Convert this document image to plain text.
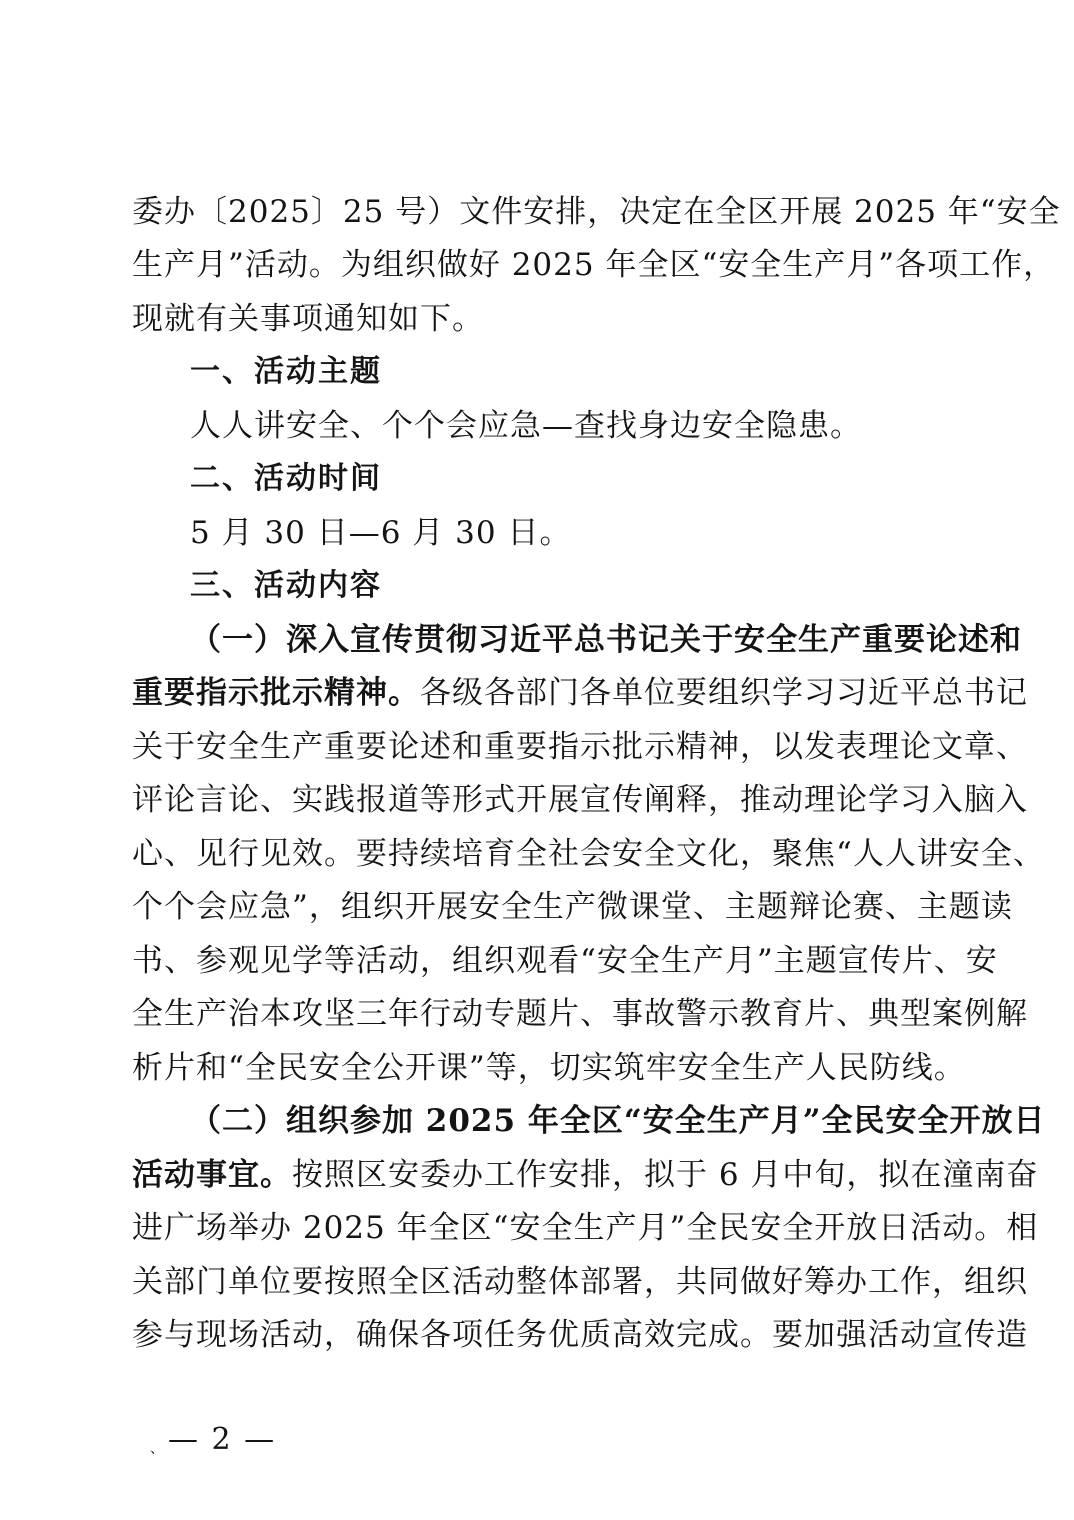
委办〔2025〕25 号）文件安排，决定在全区开展 2025 年“安全
生产月”活动。为组织做好 2025 年全区“安全生产月”各项工作，
现就有关事项通知如下。
一、活动主题
人人讲安全、个个会应急—查找身边安全隐患。
二、活动时间
5 月 30 日—6 月 30 日。
三、活动内容
（一）深入宣传贯彻习近平总书记关于安全生产重要论述和
重要指示批示精神。各级各部门各单位要组织学习习近平总书记
关于安全生产重要论述和重要指示批示精神，以发表理论文章、
评论言论、实践报道等形式开展宣传阐释，推动理论学习入脑入
心、见行见效。要持续培育全社会安全文化，聚焦“人人讲安全、
个个会应急”，组织开展安全生产微课堂、主题辩论赛、主题读
书、参观见学等活动，组织观看“安全生产月”主题宣传片、安
全生产治本攻坚三年行动专题片、事故警示教育片、典型案例解
析片和“全民安全公开课”等，切实筑牢安全生产人民防线。
（二）组织参加 2025 年全区“安全生产月”全民安全开放日
活动事宜。按照区安委办工作安排，拟于 6 月中旬，拟在潼南奋
进广场举办 2025 年全区“安全生产月”全民安全开放日活动。相
关部门单位要按照全区活动整体部署，共同做好筹办工作，组织
参与现场活动，确保各项任务优质高效完成。要加强活动宣传造
、— 2 —
